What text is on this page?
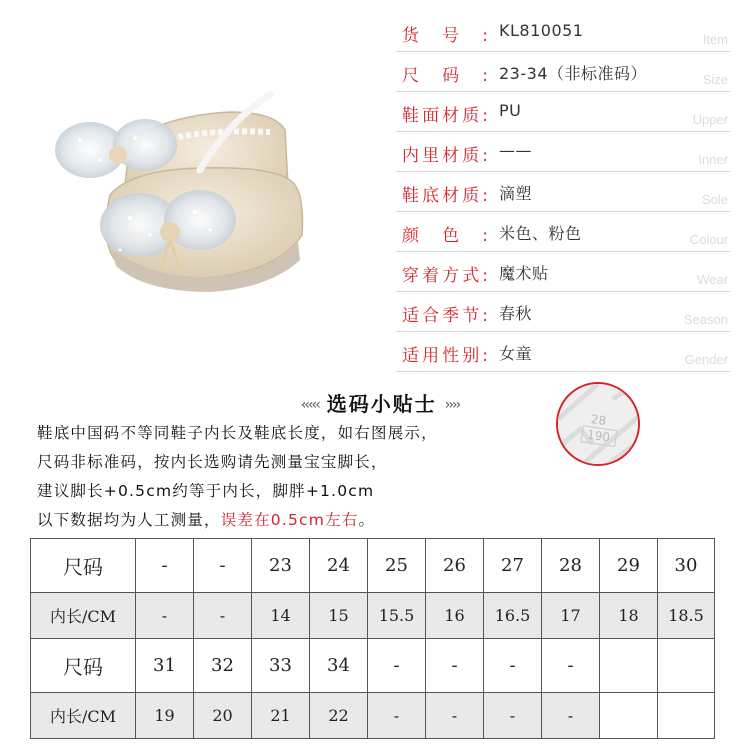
货号: KL810051	Item
尺码: 23-34（非标准码）	Size
鞋面材质: PU	Upper
内里材质: ——	Inner
鞋底材质: 滴塑	Sole
颜色: 米色、粉色	Colour
穿着方式: 魔术贴	Wear
适合季节: 春秋	Season
适用性别: 女童	Gender
‹‹‹‹‹ 选码小贴士 ››››
鞋底中国码不等同鞋子内长及鞋底长度，如右图展示，
尺码非标准码，按内长选购请先测量宝宝脚长，
建议脚长+0.5cm约等于内长，脚胖+1.0cm
以下数据均为人工测量，误差在0.5cm左右。
28
190
尺码	-	-	23	24	25	26	27	28	29	30
内长/CM	-	-	14	15	15.5	16	16.5	17	18	18.5
尺码	31	32	33	34	-	-	-	-		
内长/CM	19	20	21	22	-	-	-	-		
